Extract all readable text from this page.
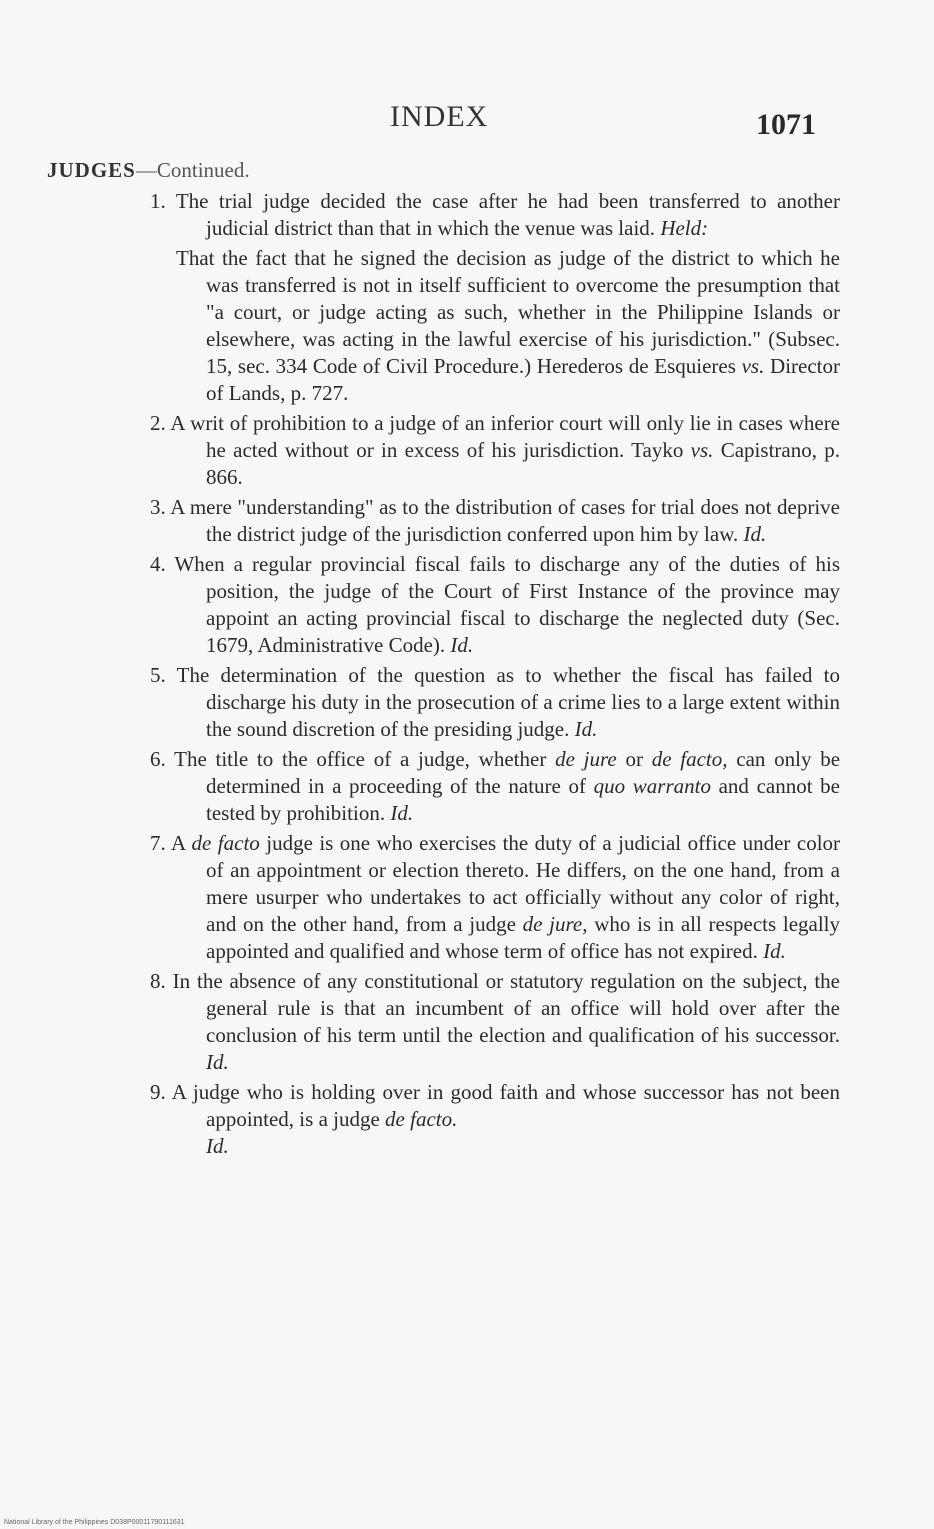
INDEX	1071
JUDGES—Continued.
1. The trial judge decided the case after he had been transferred to another judicial district than that in which the venue was laid. Held:
That the fact that he signed the decision as judge of the district to which he was transferred is not in itself sufficient to overcome the presumption that "a court, or judge acting as such, whether in the Philippine Islands or elsewhere, was acting in the lawful exercise of his jurisdiction." (Subsec. 15, sec. 334 Code of Civil Procedure.) Herederos de Esquieres vs. Director of Lands, p. 727.
2. A writ of prohibition to a judge of an inferior court will only lie in cases where he acted without or in excess of his jurisdiction. Tayko vs. Capistrano, p. 866.
3. A mere "understanding" as to the distribution of cases for trial does not deprive the district judge of the jurisdiction conferred upon him by law. Id.
4. When a regular provincial fiscal fails to discharge any of the duties of his position, the judge of the Court of First Instance of the province may appoint an acting provincial fiscal to discharge the neglected duty (Sec. 1679, Administrative Code). Id.
5. The determination of the question as to whether the fiscal has failed to discharge his duty in the prosecution of a crime lies to a large extent within the sound discretion of the presiding judge. Id.
6. The title to the office of a judge, whether de jure or de facto, can only be determined in a proceeding of the nature of quo warranto and cannot be tested by prohibition. Id.
7. A de facto judge is one who exercises the duty of a judicial office under color of an appointment or election thereto. He differs, on the one hand, from a mere usurper who undertakes to act officially without any color of right, and on the other hand, from a judge de jure, who is in all respects legally appointed and qualified and whose term of office has not expired. Id.
8. In the absence of any constitutional or statutory regulation on the subject, the general rule is that an incumbent of an office will hold over after the conclusion of his term until the election and qualification of his successor. Id.
9. A judge who is holding over in good faith and whose successor has not been appointed, is a judge de facto.
Id.
National Library of the Philippines D038P00011790111631
